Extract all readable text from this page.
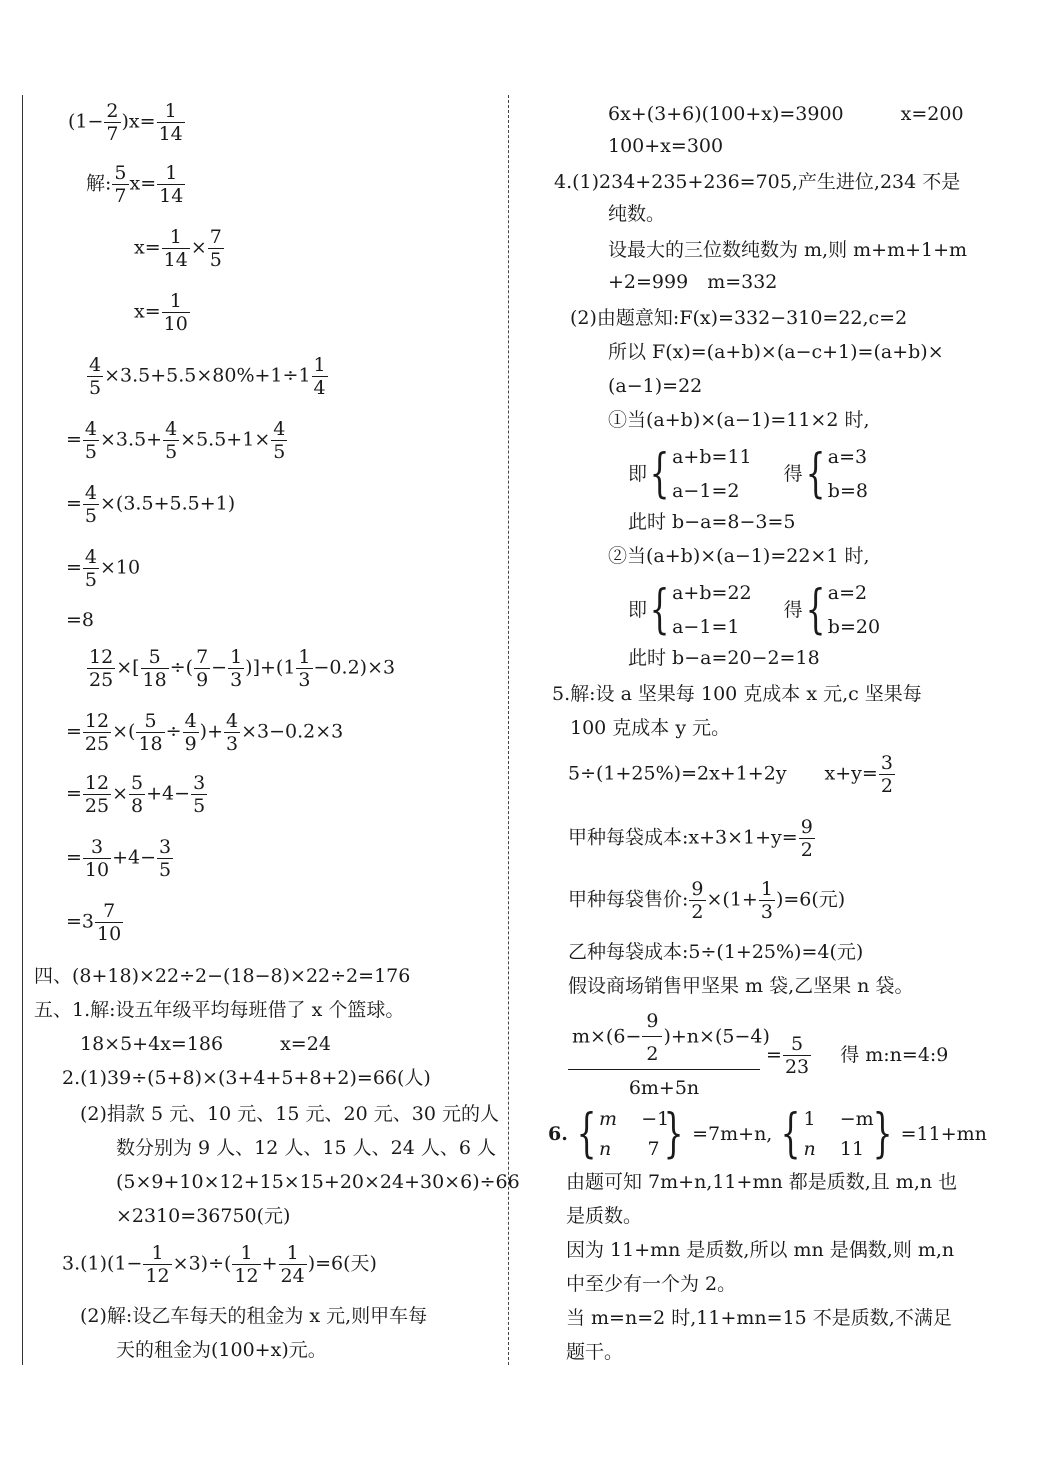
$(1- \frac{2}{7} )x= \frac{1}{14}$
解: $\frac{5}{7} x= \frac{1}{14}$
$x= \frac{1}{14} \times \frac{7}{5}$
$x= \frac{1}{10}$
$\frac{4}{5} \times 3.5+5.5\times 80\%+1\div 1 \frac{1}{4}$
= $\frac{4}{5} \times 3.5+ \frac{4}{5} \times 5.5+1\times \frac{4}{5}$
= $\frac{4}{5} \times(3.5+5.5+1)$
= $\frac{4}{5} \times 10$
=8
$\frac{12}{25}$ ×[ $\frac{5}{18}$ ÷( $\frac{7}{9} - \frac{1}{3} )]+(1 \frac{1}{3} -0.2)\times 3$
= $\frac{12}{25}$ ×( $\frac{5}{18} \div \frac{4}{9}$ )+ $\frac{4}{3} \times 3-0.2\times 3$
= $\frac{12}{25} \times \frac{5}{8} +4- \frac{3}{5}$
= $\frac{3}{10} +4- \frac{3}{5}$
$=3 \frac{7}{10}$
四、(8+18)×22÷2−(18−8)×22÷2=176
五、1.解:设五年级平均每班借了 x 个篮球。
18×5+4x=186　　　x=24
2.(1)39÷(5+8)×(3+4+5+8+2)=66(人)
(2)捐款 5 元、10 元、15 元、20 元、30 元的人
数分别为 9 人、12 人、15 人、24 人、6 人
(5×9+10×12+15×15+20×24+30×6)÷66
×2310=36750(元)
$3.(1)(1- \frac{1}{12} \times 3)\div( \frac{1}{12} + \frac{1}{24} )=6$(天)
(2)解:设乙车每天的租金为 x 元,则甲车每
天的租金为(100+x)元。
6x+(3+6)(100+x)=3900　　　x=200
100+x=300
4.(1)234+235+236=705,产生进位,234 不是
纯数。
设最大的三位数纯数为 m,则 m+m+1+m
+2=999　m=332
(2)由题意知:F(x)=332−310=22,c=2
所以 F(x)=(a+b)×(a−c+1)=(a+b)×
(a−1)=22
①当(a+b)×(a−1)=11×2 时,
即{ a+b=11
a−1=2
得{ a=3
b=8
此时 b−a=8−3=5
②当(a+b)×(a−1)=22×1 时,
即{ a+b=22
a−1=1
得{ a=2
b=20
此时 b−a=20−2=18
5.解:设 a 坚果每 100 克成本 x 元,c 坚果每
100 克成本 y 元。
5÷(1+25%)=2x+1+2y　　$x+y= \frac{3}{2}$
甲种每袋成本:x+3×1+y= $\frac{9}{2}$
甲种每袋售价: $\frac{9}{2} \times(1+ \frac{1}{3} )=6$(元)
乙种每袋成本:5÷(1+25%)=4(元)
假设商场销售甲坚果 m 袋,乙坚果 n 袋。
$\frac{m\times(6- \frac{9}{2} )+n\times(5-4)}{6m+5n} = \frac{5}{23}$ 得 m:n=4:9
6. { m −1
n 7 } =7m+n, { 1 −m
n 11 } =11+mn
由题可知 7m+n,11+mn 都是质数,且 m,n 也
是质数。
因为 11+mn 是质数,所以 mn 是偶数,则 m,n
中至少有一个为 2。
当 m=n=2 时,11+mn=15 不是质数,不满足
题干。
